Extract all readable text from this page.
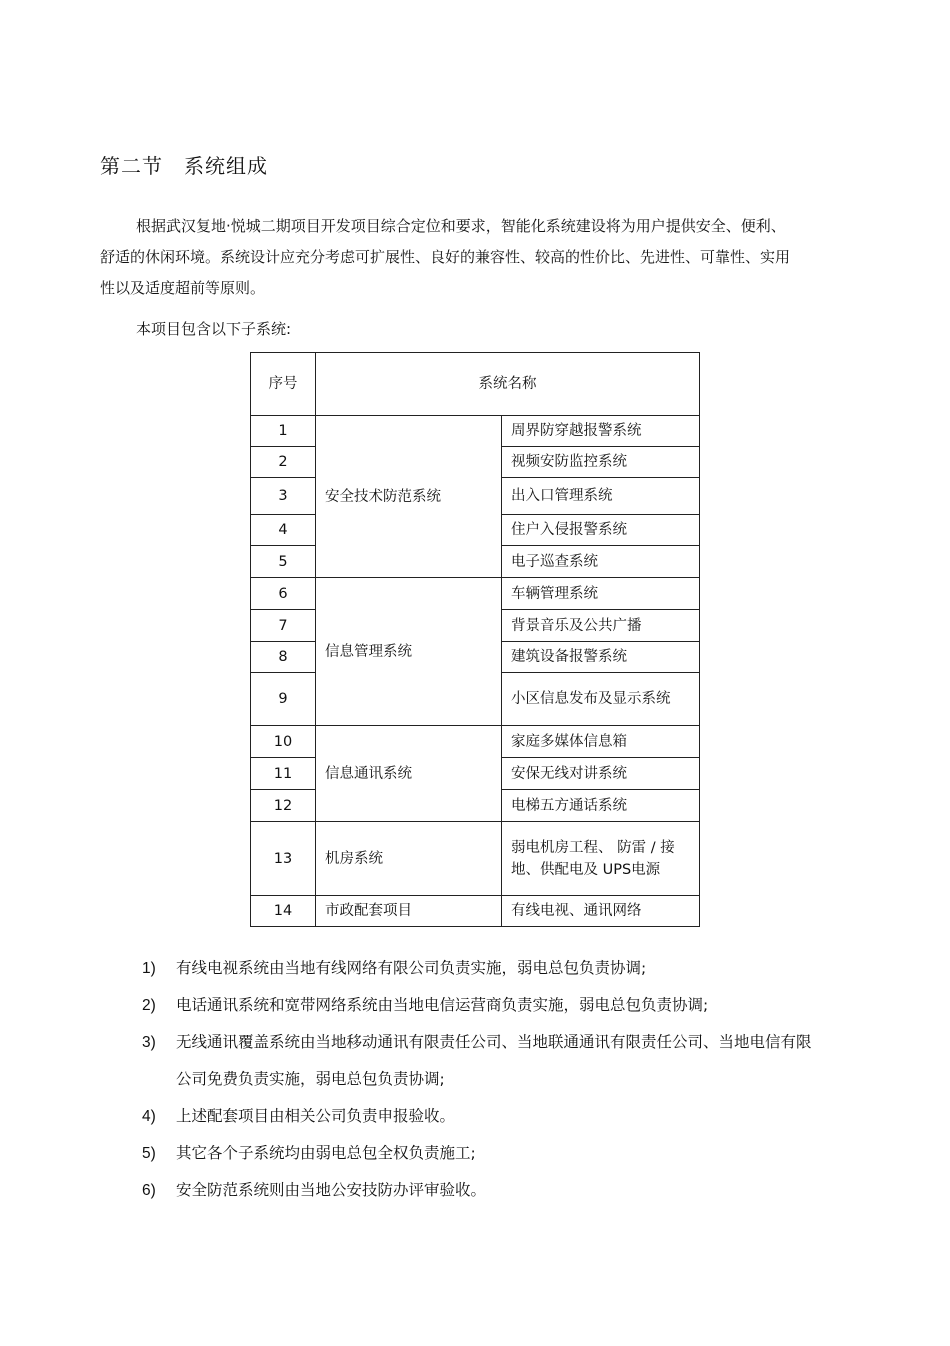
第二节　系统组成
根据武汉复地·悦城二期项目开发项目综合定位和要求，智能化系统建设将为用户提供安全、便利、舒适的休闲环境。系统设计应充分考虑可扩展性、良好的兼容性、较高的性价比、先进性、可靠性、实用性以及适度超前等原则。
本项目包含以下子系统:
序号	系统名称	
1	安全技术防范系统	周界防穿越报警系统
2		视频安防监控系统
3		出入口管理系统
4		住户入侵报警系统
5		电子巡查系统
6	信息管理系统	车辆管理系统
7		背景音乐及公共广播
8		建筑设备报警系统
9		小区信息发布及显示系统
10	信息通讯系统	家庭多媒体信息箱
11		安保无线对讲系统
12		电梯五方通话系统
13	机房系统	弱电机房工程、 防雷 / 接地、供配电及 UPS电源
14	市政配套项目	有线电视、通讯网络
1)	有线电视系统由当地有线网络有限公司负责实施，弱电总包负责协调;
2)	电话通讯系统和宽带网络系统由当地电信运营商负责实施，弱电总包负责协调;
3)	无线通讯覆盖系统由当地移动通讯有限责任公司、当地联通通讯有限责任公司、当地电信有限公司免费负责实施，弱电总包负责协调;
4)	上述配套项目由相关公司负责申报验收。
5)	其它各个子系统均由弱电总包全权负责施工;
6)	安全防范系统则由当地公安技防办评审验收。
